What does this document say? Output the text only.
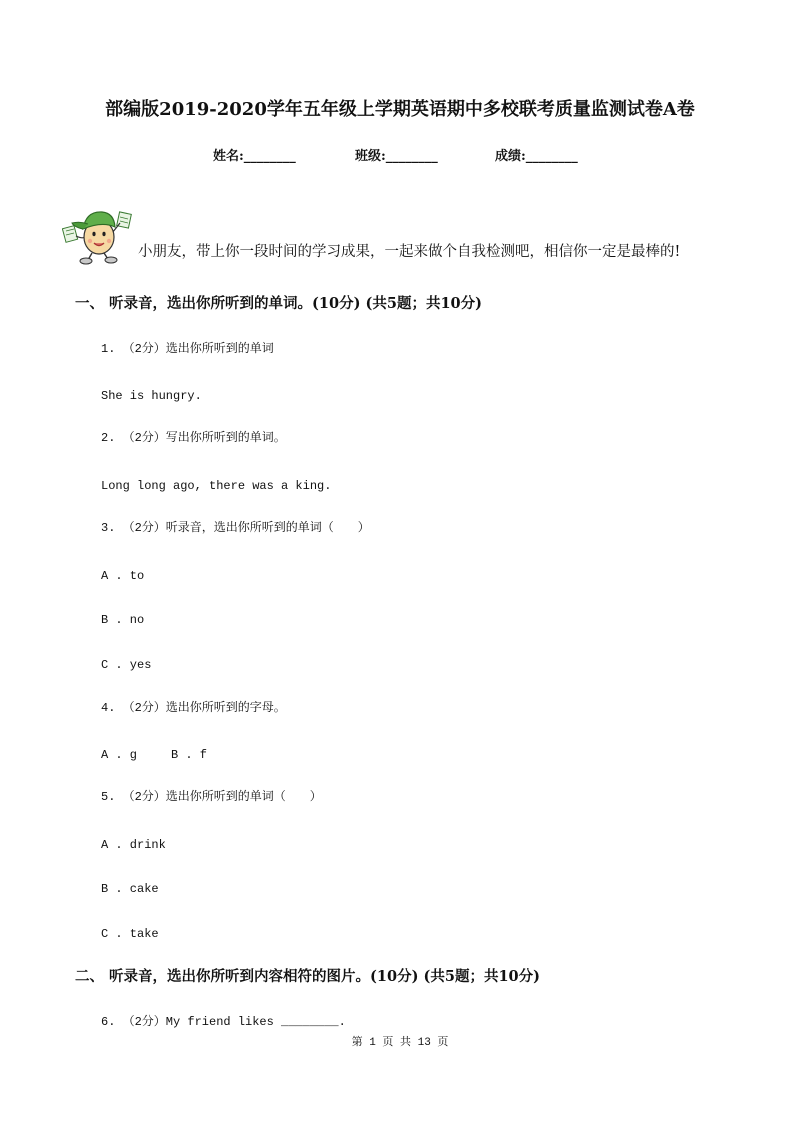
部编版2019-2020学年五年级上学期英语期中多校联考质量监测试卷A卷
姓名:________	班级:________	成绩:________
小朋友，带上你一段时间的学习成果，一起来做个自我检测吧，相信你一定是最棒的!
一、 听录音，选出你所听到的单词。(10分) (共5题；共10分)
1. （2分）选出你所听到的单词
She is hungry.
2. （2分）写出你所听到的单词。
Long long ago, there was a king.
3. （2分）听录音，选出你所听到的单词（　　）
A . to
B . no
C . yes
4. （2分）选出你所听到的字母。
A . g	B . f
5. （2分）选出你所听到的单词（　　）
A . drink
B . cake
C . take
二、 听录音，选出你所听到内容相符的图片。(10分) (共5题；共10分)
6. （2分）My friend likes ________.
第 1 页 共 13 页
